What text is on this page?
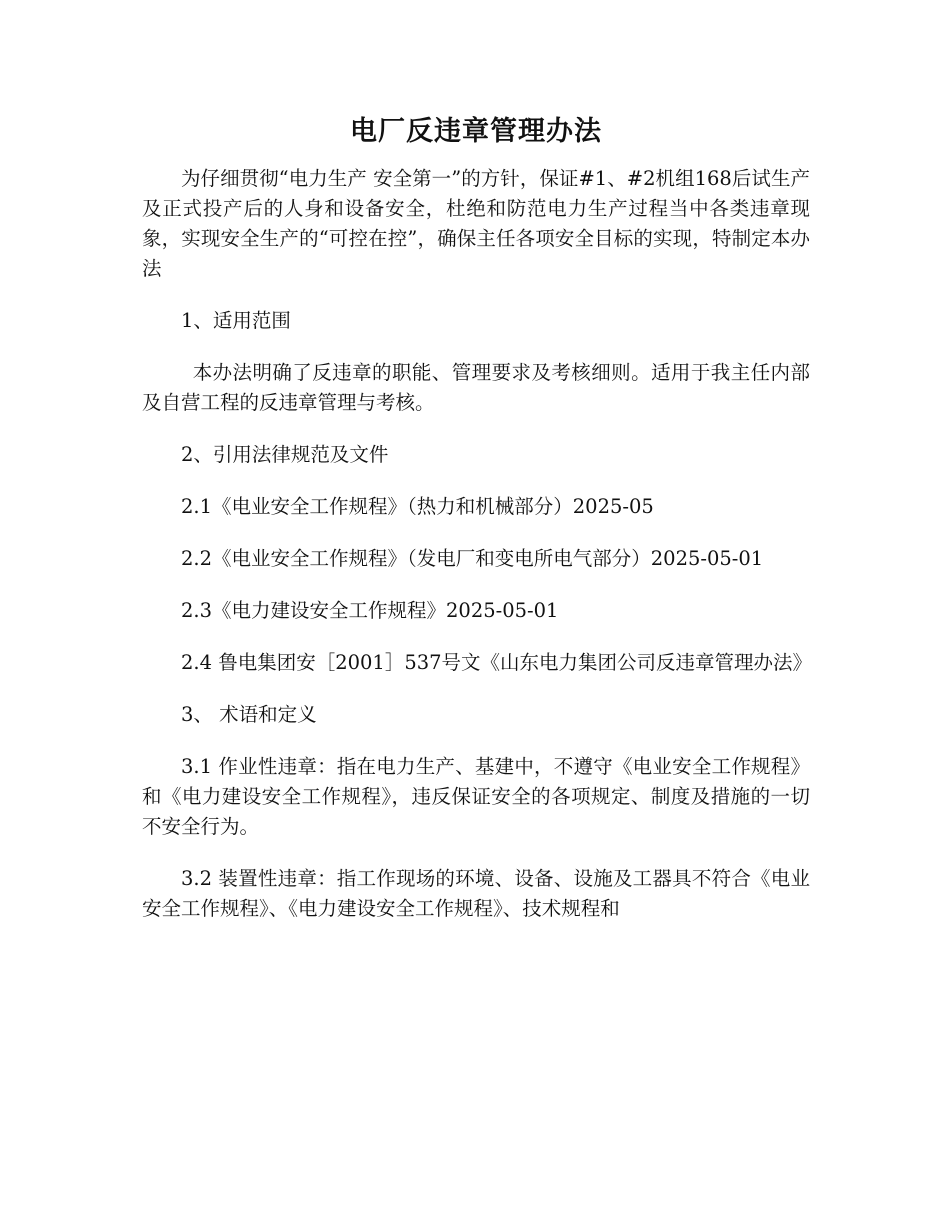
电厂反违章管理办法

为仔细贯彻“电力生产 安全第一”的方针，保证#1、#2机组168后试生产及正式投产后的人身和设备安全，杜绝和防范电力生产过程当中各类违章现象，实现安全生产的“可控在控”，确保主任各项安全目标的实现，特制定本办法

1、适用范围

本办法明确了反违章的职能、管理要求及考核细则。适用于我主任内部及自营工程的反违章管理与考核。

2、引用法律规范及文件

2.1《电业安全工作规程》（热力和机械部分）2025-05

2.2《电业安全工作规程》（发电厂和变电所电气部分）2025-05-01

2.3《电力建设安全工作规程》2025-05-01

2.4 鲁电集团安［2001］537号文《山东电力集团公司反违章管理办法》

3、 术语和定义

3.1 作业性违章：指在电力生产、基建中，不遵守《电业安全工作规程》和《电力建设安全工作规程》，违反保证安全的各项规定、制度及措施的一切不安全行为。

3.2 装置性违章：指工作现场的环境、设备、设施及工器具不符合《电业安全工作规程》、《电力建设安全工作规程》、技术规程和
